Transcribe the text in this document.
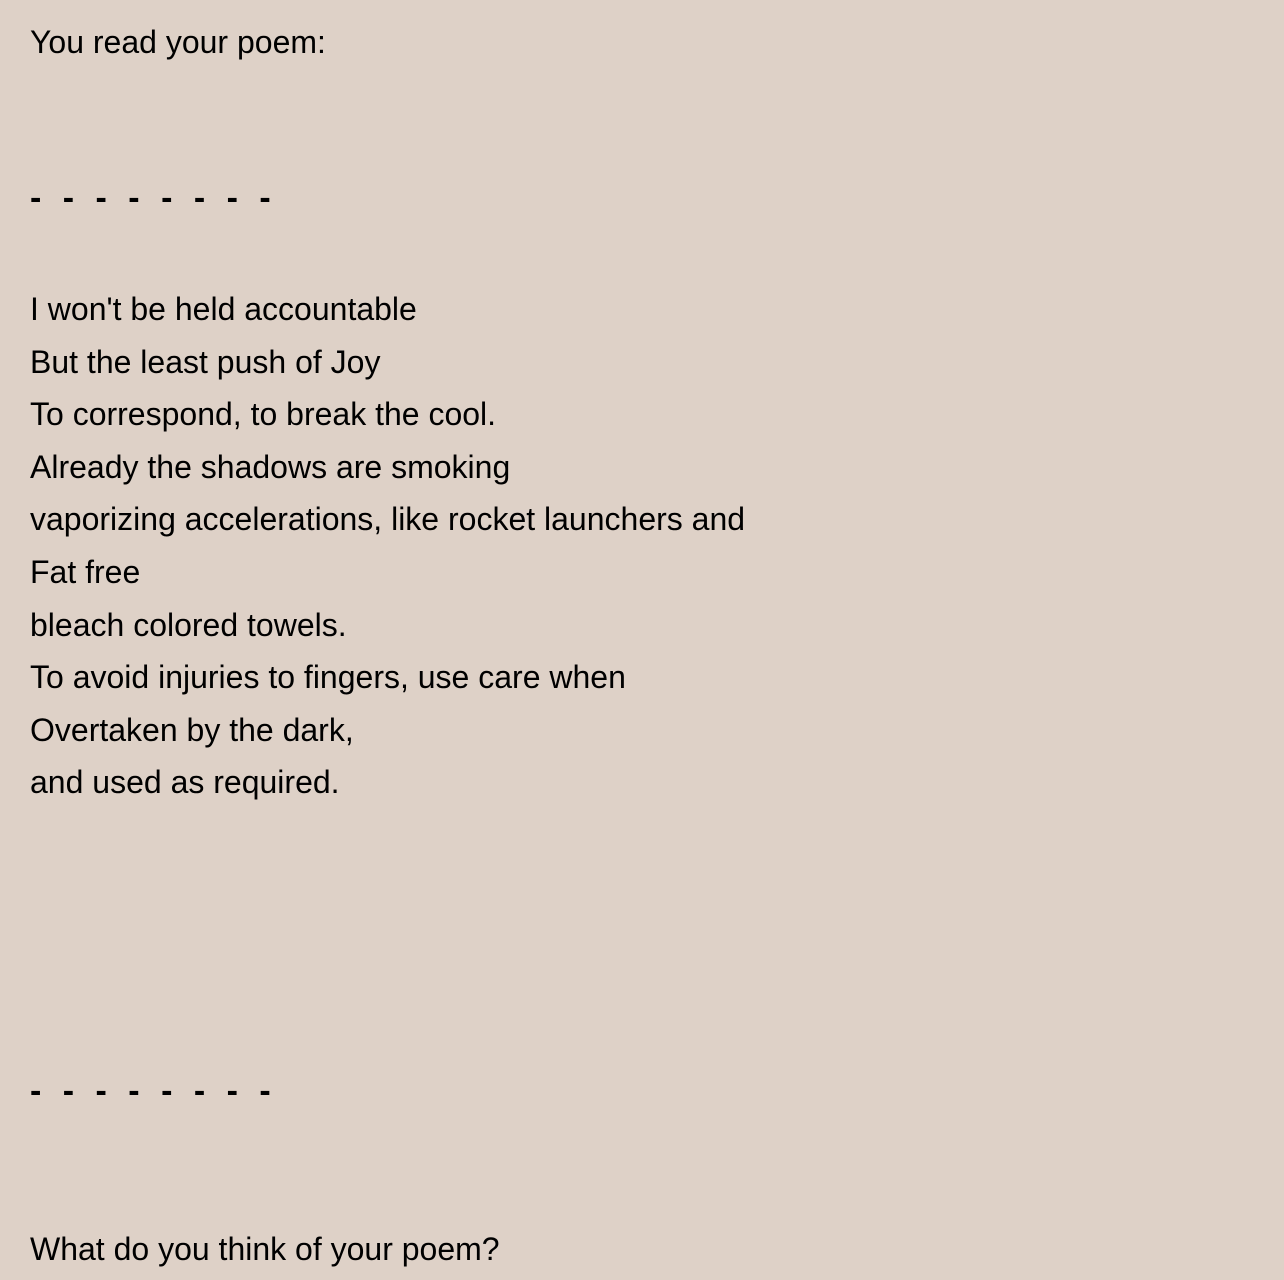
You read your poem:

- - - - - - - -
I won't be held accountable
But the least push of Joy
To correspond, to break the cool.
Already the shadows are smoking
vaporizing accelerations, like rocket launchers and
Fat free
bleach colored towels.
To avoid injuries to fingers, use care when
Overtaken by the dark,
and used as required.
- - - - - - - -

What do you think of your poem?
